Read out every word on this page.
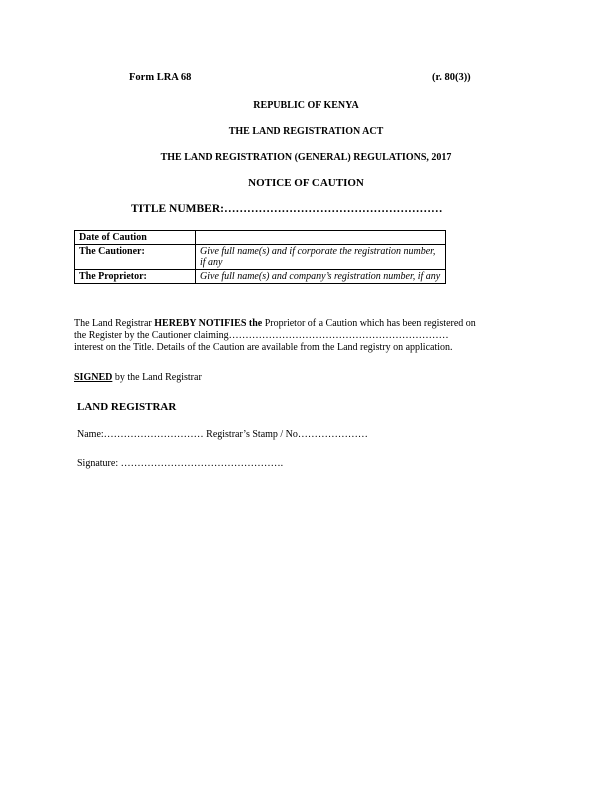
Form LRA 68	(r. 80(3))
REPUBLIC OF KENYA
THE LAND REGISTRATION ACT
THE LAND REGISTRATION (GENERAL) REGULATIONS, 2017
NOTICE OF CAUTION
TITLE NUMBER:…………………………………………………
Date of Caution	
The Cautioner:	Give full name(s) and if corporate the registration number, if any
The Proprietor:	Give full name(s) and company’s registration number, if any
The Land Registrar HEREBY NOTIFIES the Proprietor of a Caution which has been registered on
the Register by the Cautioner claiming…………………………………………………………
interest on the Title. Details of the Caution are available from the Land registry on application.
SIGNED by the Land Registrar
LAND REGISTRAR
Name:………………………… Registrar’s Stamp / No…………………
Signature: ………………………………………….
